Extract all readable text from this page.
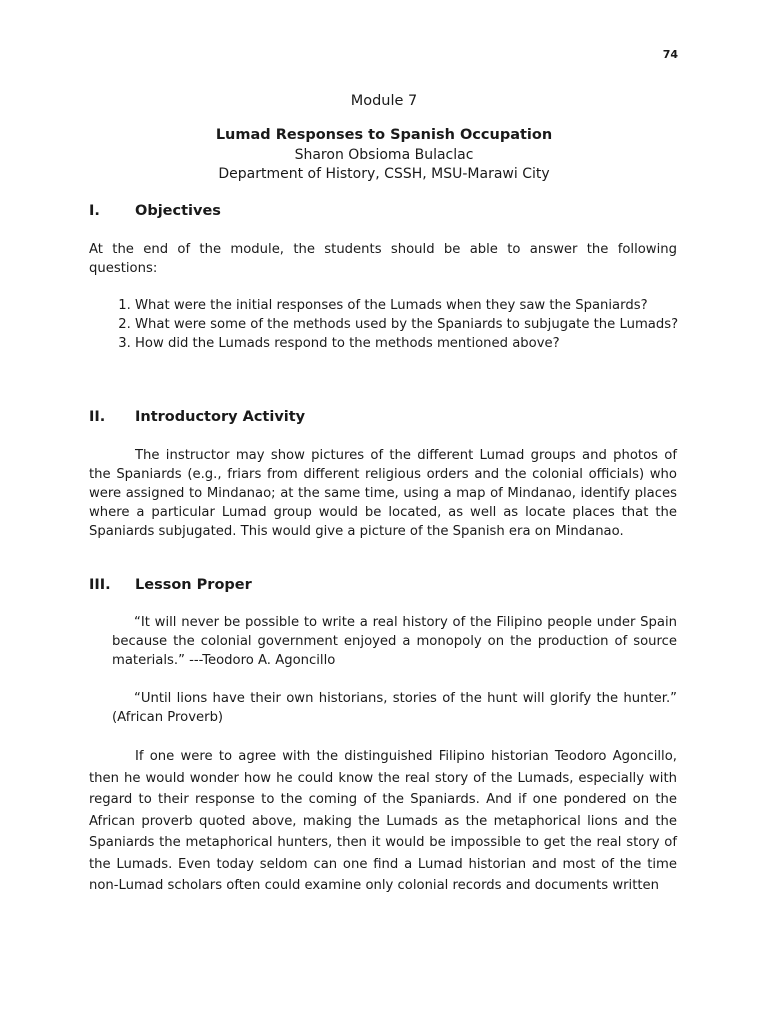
74
Module 7
Lumad Responses to Spanish Occupation
Sharon Obsioma Bulaclac
Department of History, CSSH, MSU-Marawi City
I. Objectives

At the end of the module, the students should be able to answer the following questions:

1. What were the initial responses of the Lumads when they saw the Spaniards?
2. What were some of the methods used by the Spaniards to subjugate the Lumads?
3. How did the Lumads respond to the methods mentioned above?
II. Introductory Activity

The instructor may show pictures of the different Lumad groups and photos of the Spaniards (e.g., friars from different religious orders and the colonial officials) who were assigned to Mindanao; at the same time, using a map of Mindanao, identify places where a particular Lumad group would be located, as well as locate places that the Spaniards subjugated. This would give a picture of the Spanish era on Mindanao.

III. Lesson Proper

“It will never be possible to write a real history of the Filipino people under Spain because the colonial government enjoyed a monopoly on the production of source materials.” ---Teodoro A. Agoncillo

“Until lions have their own historians, stories of the hunt will glorify the hunter.” (African Proverb)

If one were to agree with the distinguished Filipino historian Teodoro Agoncillo, then he would wonder how he could know the real story of the Lumads, especially with regard to their response to the coming of the Spaniards. And if one pondered on the African proverb quoted above, making the Lumads as the metaphorical lions and the Spaniards the metaphorical hunters, then it would be impossible to get the real story of the Lumads. Even today seldom can one find a Lumad historian and most of the time non-Lumad scholars often could examine only colonial records and documents written
